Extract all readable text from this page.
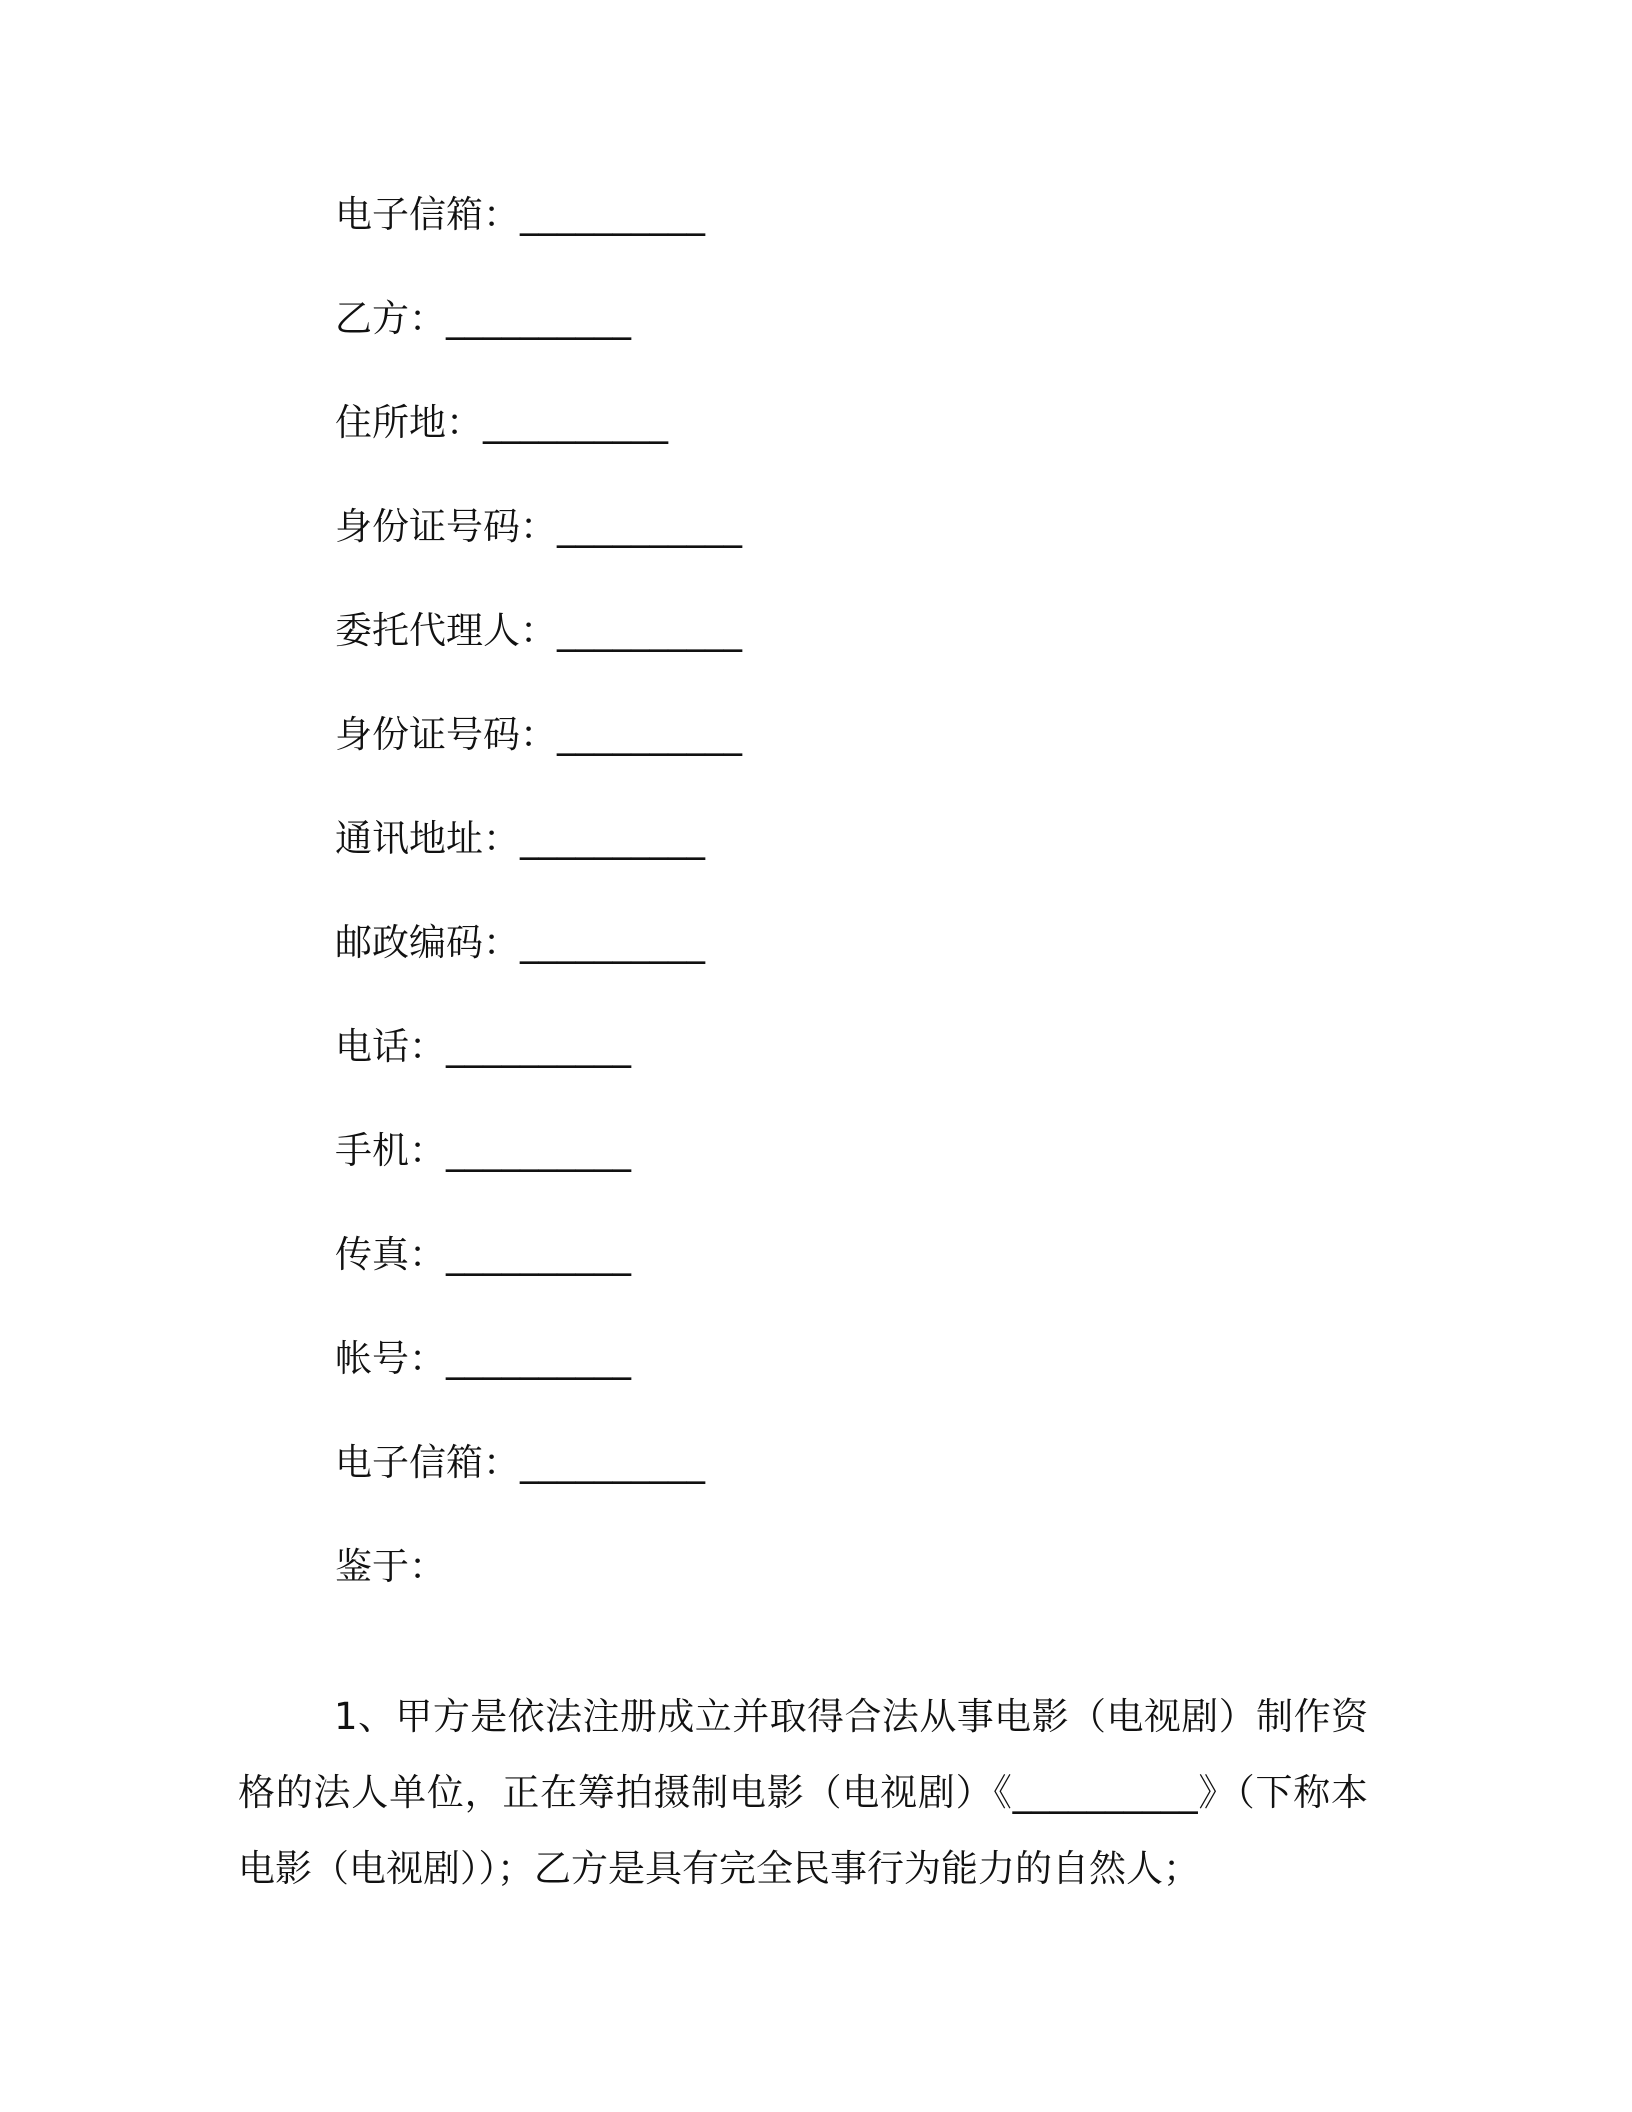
电子信箱：__________
乙方：__________
住所地：__________
身份证号码：__________
委托代理人：__________
身份证号码：__________
通讯地址：__________
邮政编码：__________
电话：__________
手机：__________
传真：__________
帐号：__________
电子信箱：__________
鉴于：

1、甲方是依法注册成立并取得合法从事电影（电视剧）制作资格的法人单位，正在筹拍摄制电影（电视剧）《__________》（下称本电影（电视剧））；乙方是具有完全民事行为能力的自然人；
